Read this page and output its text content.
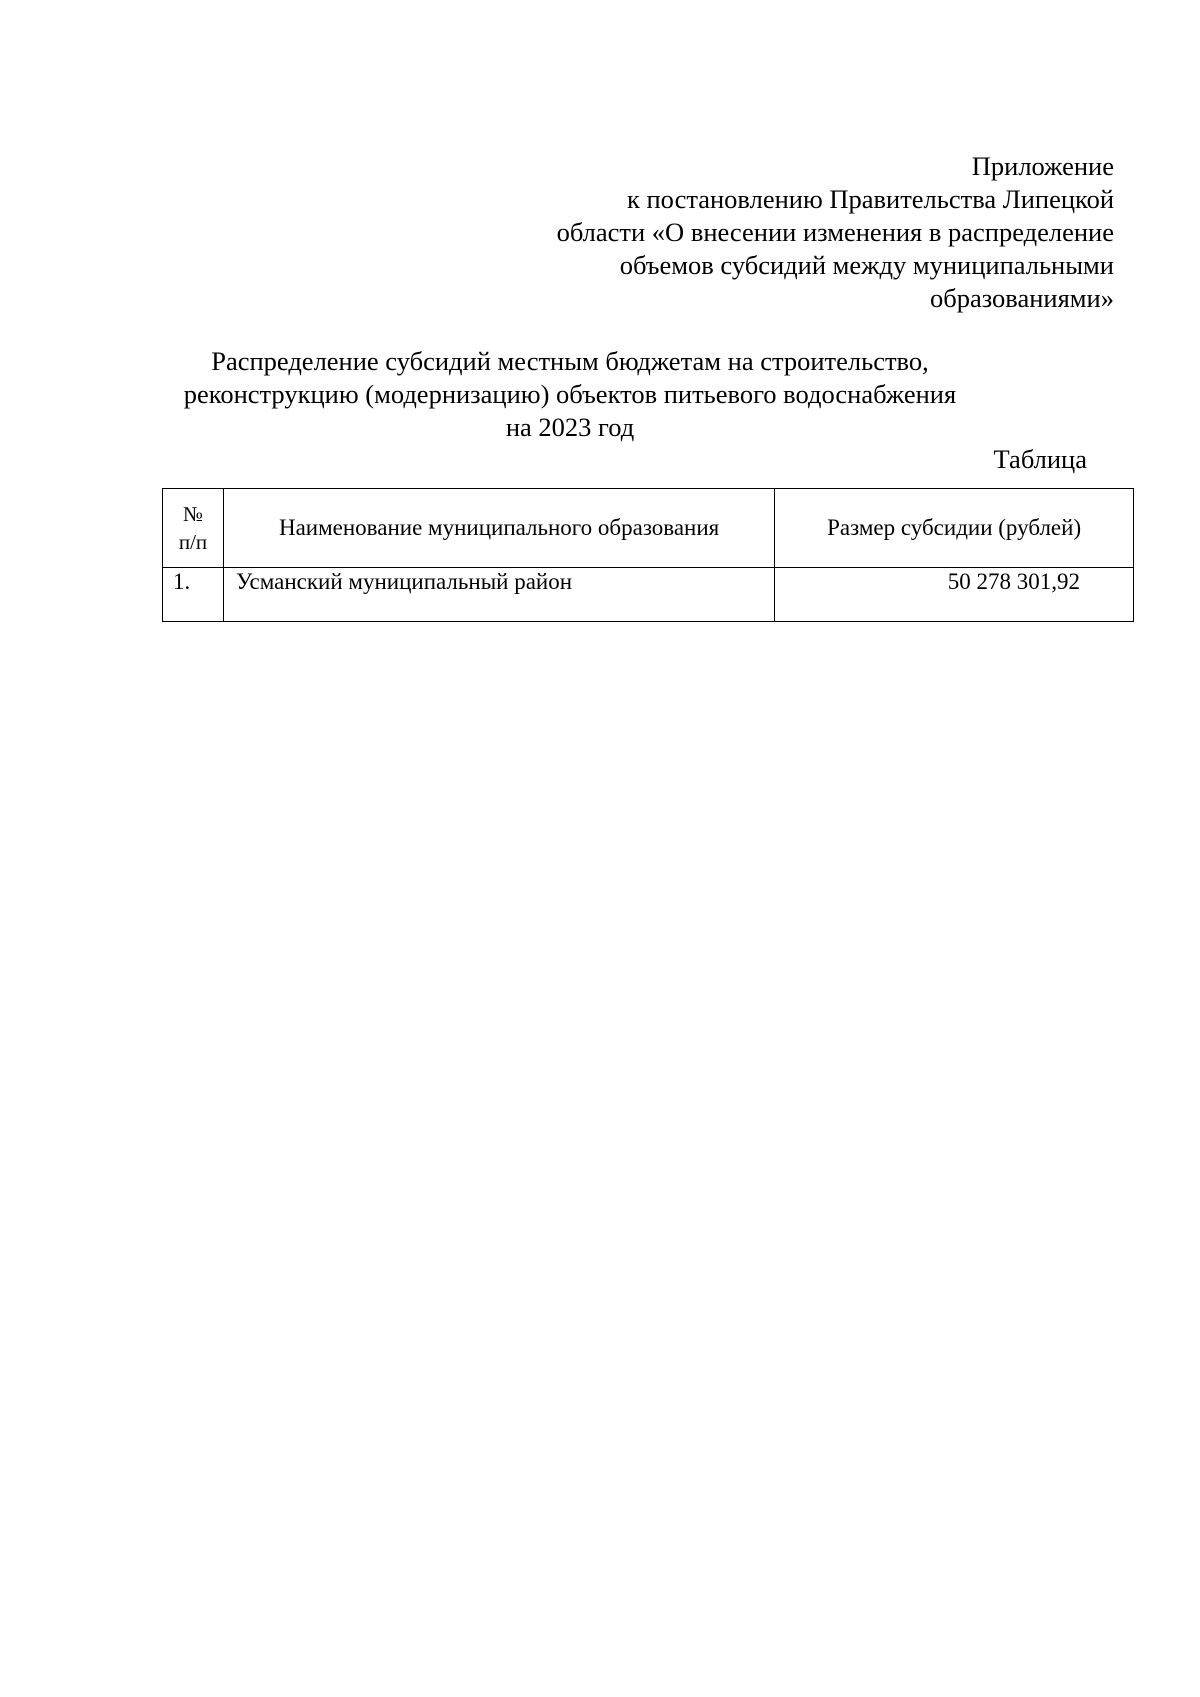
Приложение
к постановлению Правительства Липецкой
области «О внесении изменения в распределение
объемов субсидий между муниципальными
образованиями»
Распределение субсидий местным бюджетам на строительство,
реконструкцию (модернизацию) объектов питьевого водоснабжения
на 2023 год
Таблица
№
п/п	Наименование муниципального образования	Размер субсидии (рублей)
1.	Усманский муниципальный район	50 278 301,92
